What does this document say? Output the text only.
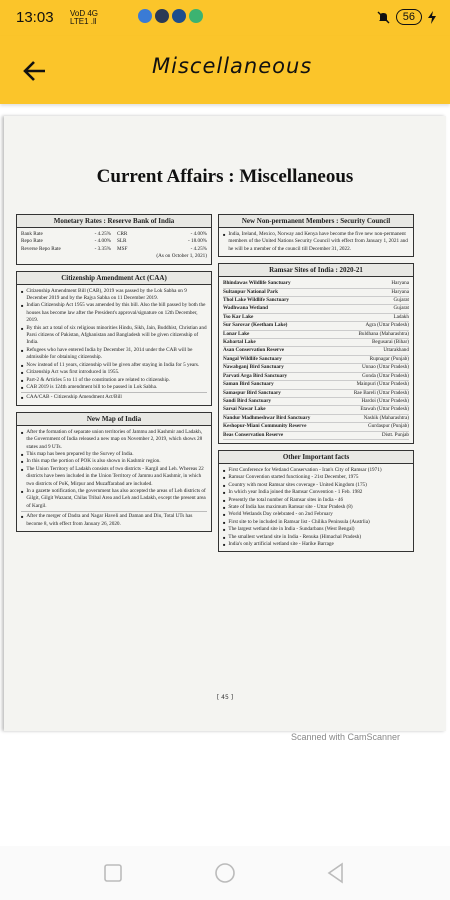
13:03 VoD 4G
LTE1 .ll	56
Miscellaneous
Current Affairs : Miscellaneous
Monetary Rates : Reserve Bank of India
Bank Rate	- 4.25% CRR	- 4.00%
Repo Rate	- 4.00% SLR	- 18.00%
Reverse Repo Rate	- 3.35% MSF	- 4.25%
(As on October 1, 2021)
Citizenship Amendment Act (CAA)
■ Citizenship Amendment Bill (CAB), 2019 was passed by the Lok Sabha on 9 December 2019 and by the Rajya Sabha on 11 December 2019.
■ Indian Citizenship Act 1955 was amended by this bill. Also the bill passed by both the houses has become law after the President's approval/signature on 12th December, 2019.
■ By this act a total of six religious minorities Hindu, Sikh, Jain, Buddhist, Christian and Parsi citizens of Pakistan, Afghanistan and Bangladesh will be given citizenship of India.
■ Refugees who have entered India by December 31, 2014 under the CAB will be admissible for obtaining citizenship.
■ Now instead of 11 years, citizenship will be given after staying in India for 5 years.
■ Citizenship Act was first introduced in 1955.
■ Part-2 & Articles 5 to 11 of the constitution are related to citizenship.
■ CAB 2019 is 124th amendment bill to be passed in Lok Sabha.
■ CAA/CAB - Citizenship Amendment Act/Bill
New Map of India
■ After the formation of separate union territories of Jammu and Kashmir and Ladakh, the Government of India released a new map on November 2, 2019, which shows 28 states and 9 UTs.
■ This map has been prepared by the Survey of India.
■ In this map the portion of POK is also shown in Kashmir region.
■ The Union Territory of Ladakh consists of two districts - Kargil and Leh. Whereas 22 districts have been included in the Union Territory of Jammu and Kashmir, in which two districts of PoK, Mirpur and Muzaffarabad are included.
■ In a gazette notification, the government has also accepted the areas of Leh districts of Gilgit, Gilgit Wazarat, Chilas Tribal Area and Leh and Ladakh, except the present area of Kargil.
■ After the merger of Dadra and Nagar Haveli and Daman and Diu, Total UTs has become 8, with effect from January 26, 2020.
New Non-permanent Members : Security Council
■ India, Ireland, Mexico, Norway and Kenya have become the five new non-permanent members of the United Nations Security Council with effect from January 1, 2021 and he will be a member of the council till December 31, 2022.
Ramsar Sites of India : 2020-21
Bhindawas Wildlife Sanctuary	Haryana
Sultanpur National Park	Haryana
Thol Lake Wildlife Sanctuary	Gujarat
Wadhwana Wetland	Gujarat
Tso Kar Lake	Ladakh
Sur Sarovar (Keetham Lake)	Agra (Uttar Pradesh)
Lonar Lake	Buldhana (Maharashtra)
Kabartal Lake	Begusarai (Bihar)
Asan Conservation Reserve	Uttarakhand
Nangal Wildlife Sanctuary	Rupnagar (Punjab)
Nawabganj Bird Sanctuary	Unnao (Uttar Pradesh)
Parvati Arga Bird Sanctuary	Gonda (Uttar Pradesh)
Saman Bird Sanctuary	Mainpuri (Uttar Pradesh)
Samaspur Bird Sanctuary	Rae Bareli (Uttar Pradesh)
Sandi Bird Sanctuary	Hardoi (Uttar Pradesh)
Sarsai Nawar Lake	Etawah (Uttar Pradesh)
Nandur Madhmeshwar Bird Sanctuary	Nashik (Maharashtra)
Keshopur-Miani Community Reserve	Gurdaspur (Punjab)
Beas Conservation Reserve	Distt. Punjab
Other Important facts
■ First Conference for Wetland Conservation - Iran's City of Ramsar (1971)
■ Ramsar Convention started functioning - 21st December, 1975
■ Country with most Ramsar sites coverage - United Kingdom (175)
■ In which year India joined the Ramsar Convention - 1 Feb. 1982
■ Presently the total number of Ramsar sites in India - 46
■ State of India has maximum Ramsar site - Uttar Pradesh (8)
■ World Wetlands Day celebrated - on 2nd February
■ First site to be included in Ramsar list - Chilika Peninsula (Austrlia)
■ The largest wetland site in India - Sundarbans (West Bengal)
■ The smallest wetland site in India - Renuka (Himachal Pradesh)
■ India's only artificial wetland site - Harike Barrage
[ 45 ]
Scanned with CamScanner
